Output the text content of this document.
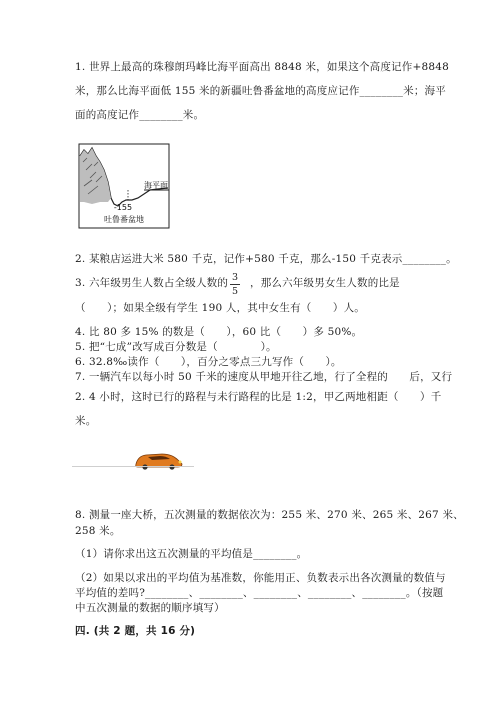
1. 世界上最高的珠穆朗玛峰比海平面高出 8848 米，如果这个高度记作+8848
米，那么比海平面低 155 米的新疆吐鲁番盆地的高度应记作________米；海平
面的高度记作________米。
海平面
-155
吐鲁番盆地
2. 某粮店运进大米 580 千克，记作+580 千克，那么-150 千克表示________。
3. 六年级男生人数占全级人数的 3
5
，那么六年级男女生人数的比是
（　　）；如果全级有学生 190 人，其中女生有（　　）人。
4. 比 80 多 15% 的数是（　　），60 比（　　）多 50%。
5. 把“七成”改写成百分数是（　　　　）。
6. 32.8‰读作（　　），百分之零点三九写作（　　）。
7. 一辆汽车以每小时 50 千米的速度从甲地开往乙地，行了全程的　　后，又行
2. 4 小时，这时已行的路程与未行路程的比是 1:2，甲乙两地相距（　　）千
米。
8. 测量一座大桥，五次测量的数据依次为：255 米、270 米、265 米、267 米、
258 米。
（1）请你求出这五次测量的平均值是________。
（2）如果以求出的平均值为基准数，你能用正、负数表示出各次测量的数值与
平均值的差吗?________、________、________、________、________。（按题
中五次测量的数据的顺序填写）
四. (共 2 题，共 16 分)
